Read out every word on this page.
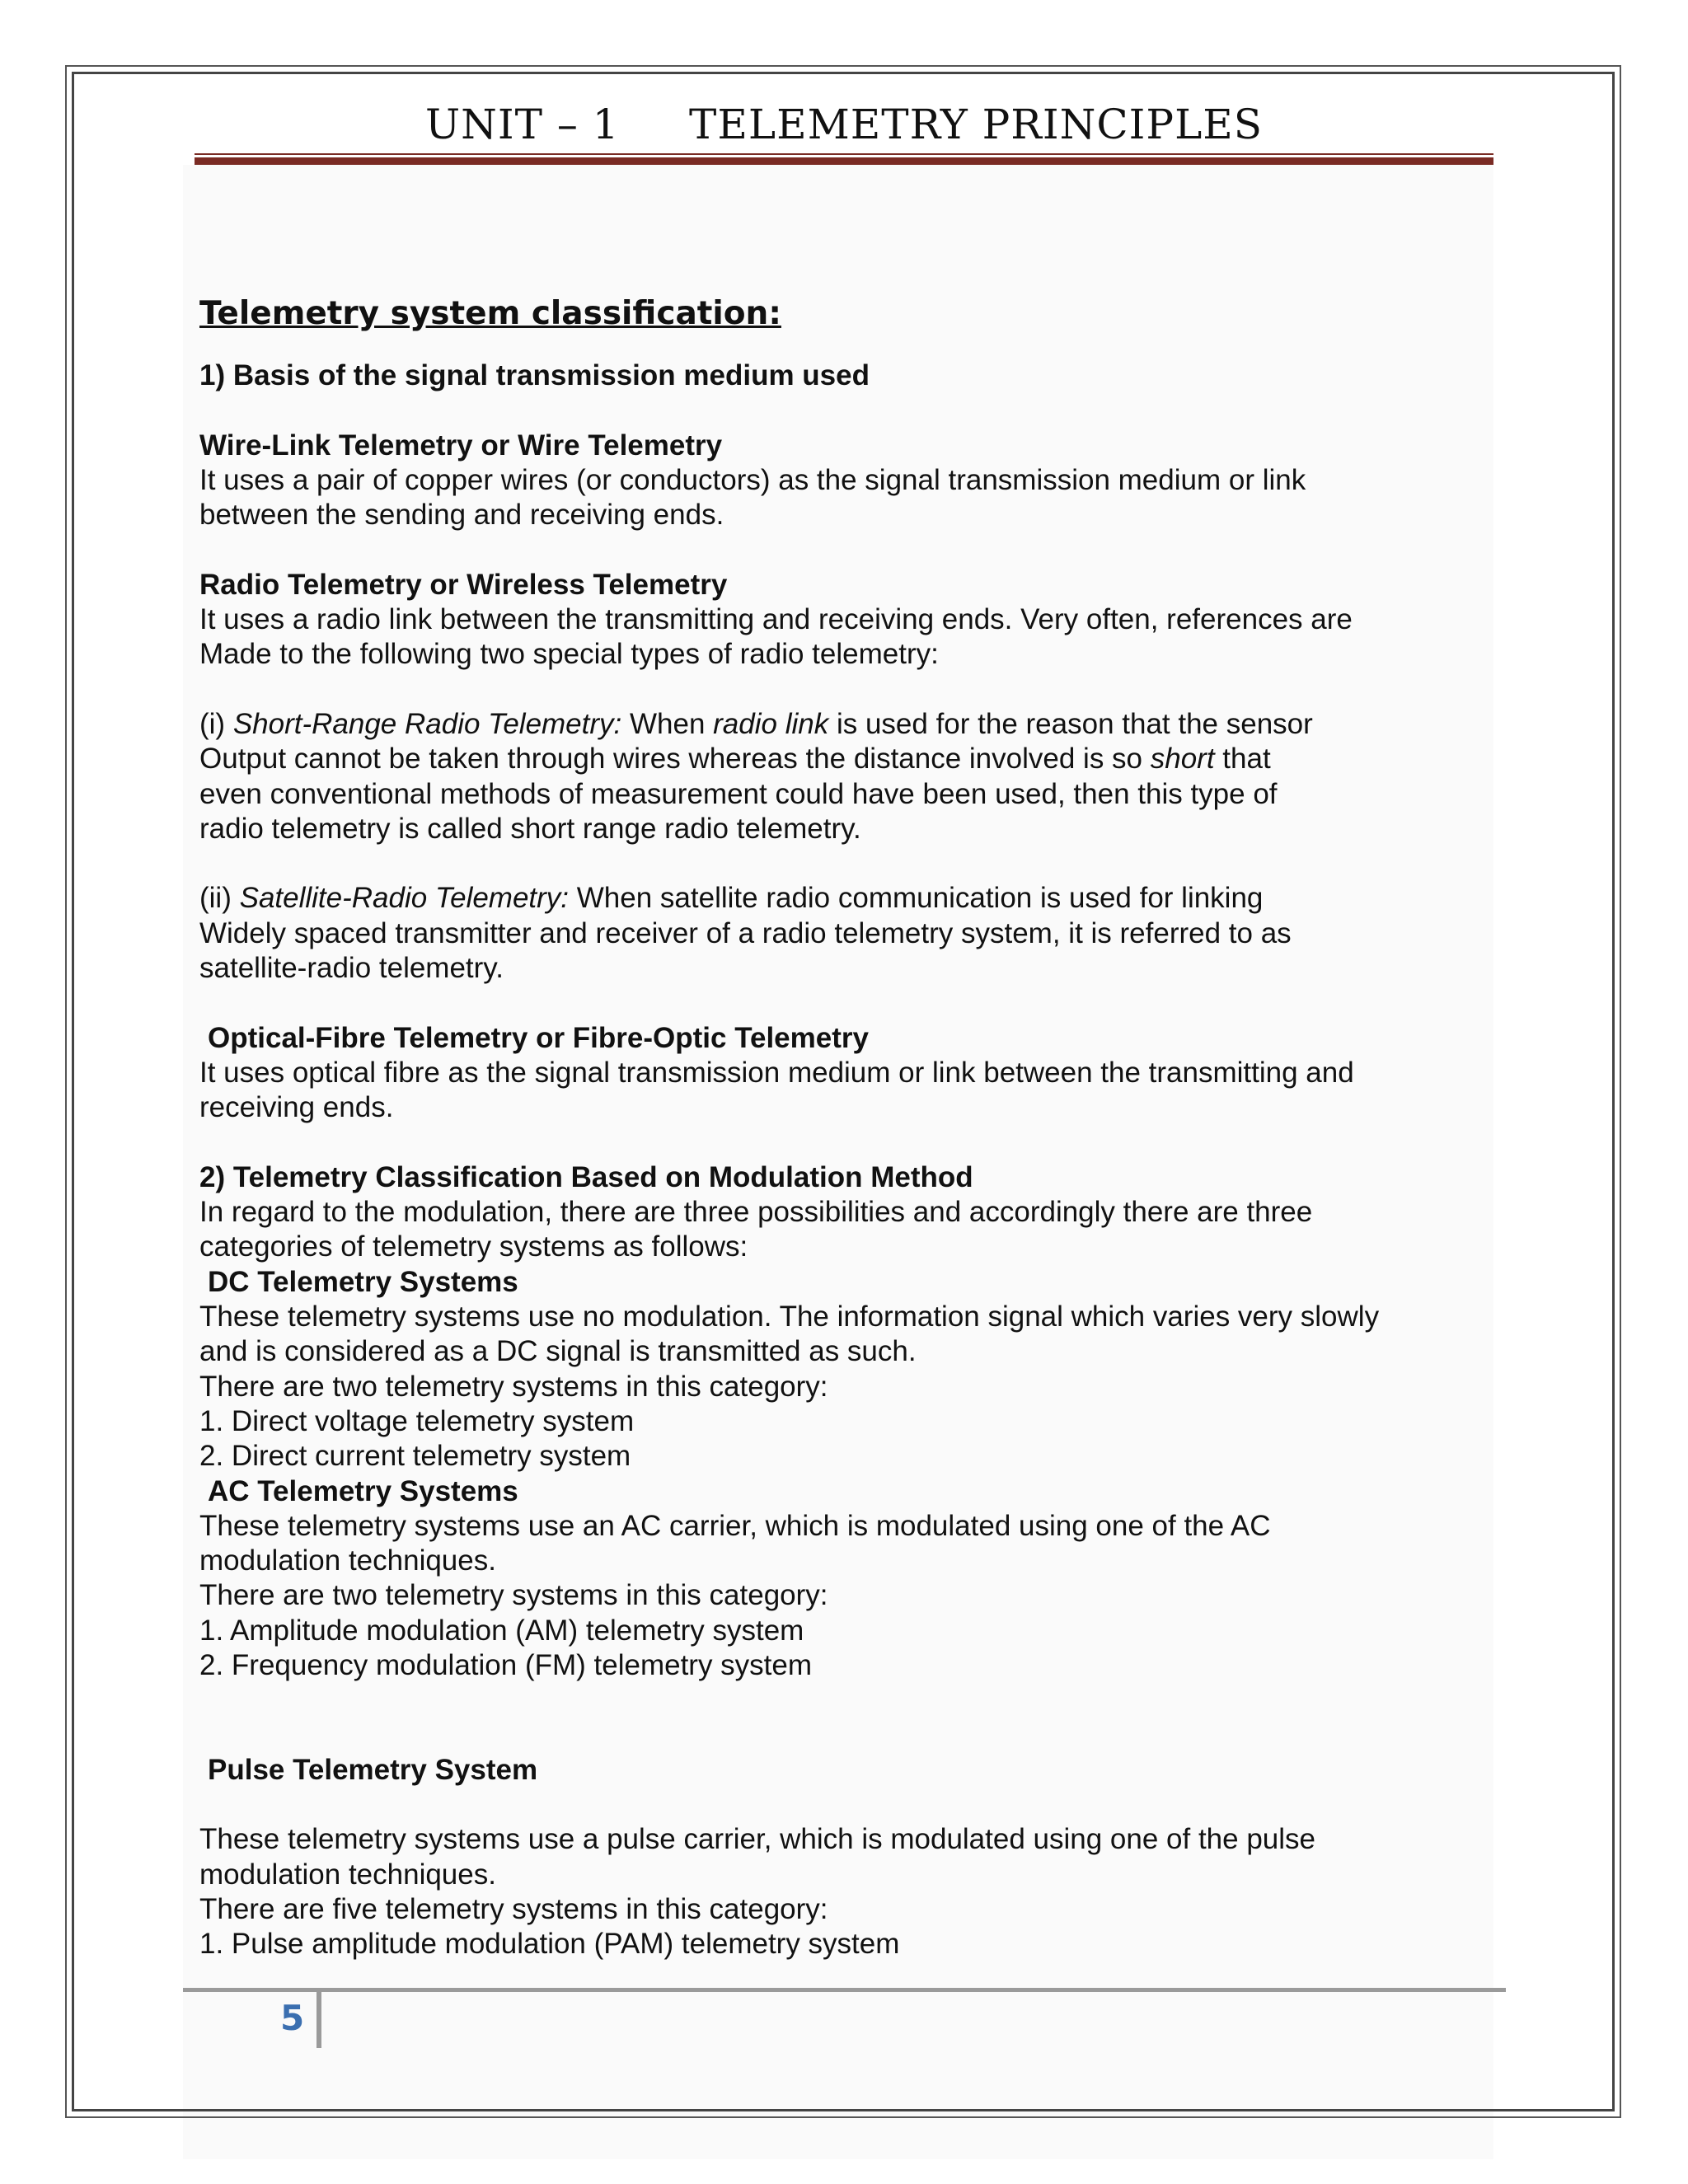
UNIT – 1     TELEMETRY PRINCIPLES
Telemetry system classification:

1) Basis of the signal transmission medium used

Wire-Link Telemetry or Wire Telemetry

It uses a pair of copper wires (or conductors) as the signal transmission medium or link

between the sending and receiving ends.

Radio Telemetry or Wireless Telemetry

It uses a radio link between the transmitting and receiving ends. Very often, references are

Made to the following two special types of radio telemetry:

(i) Short-Range Radio Telemetry: When radio link is used for the reason that the sensor

Output cannot be taken through wires whereas the distance involved is so short that

even conventional methods of measurement could have been used, then this type of

radio telemetry is called short range radio telemetry.

(ii) Satellite-Radio Telemetry: When satellite radio communication is used for linking

Widely spaced transmitter and receiver of a radio telemetry system, it is referred to as

satellite-radio telemetry.

Optical-Fibre Telemetry or Fibre-Optic Telemetry

It uses optical fibre as the signal transmission medium or link between the transmitting and

receiving ends.

2) Telemetry Classification Based on Modulation Method

In regard to the modulation, there are three possibilities and accordingly there are three

categories of telemetry systems as follows:

DC Telemetry Systems

These telemetry systems use no modulation. The information signal which varies very slowly

and is considered as a DC signal is transmitted as such.

There are two telemetry systems in this category:

1. Direct voltage telemetry system

2. Direct current telemetry system

AC Telemetry Systems

These telemetry systems use an AC carrier, which is modulated using one of the AC

modulation techniques.

There are two telemetry systems in this category:

1. Amplitude modulation (AM) telemetry system

2. Frequency modulation (FM) telemetry system

Pulse Telemetry System

These telemetry systems use a pulse carrier, which is modulated using one of the pulse

modulation techniques.

There are five telemetry systems in this category:

1. Pulse amplitude modulation (PAM) telemetry system

5
